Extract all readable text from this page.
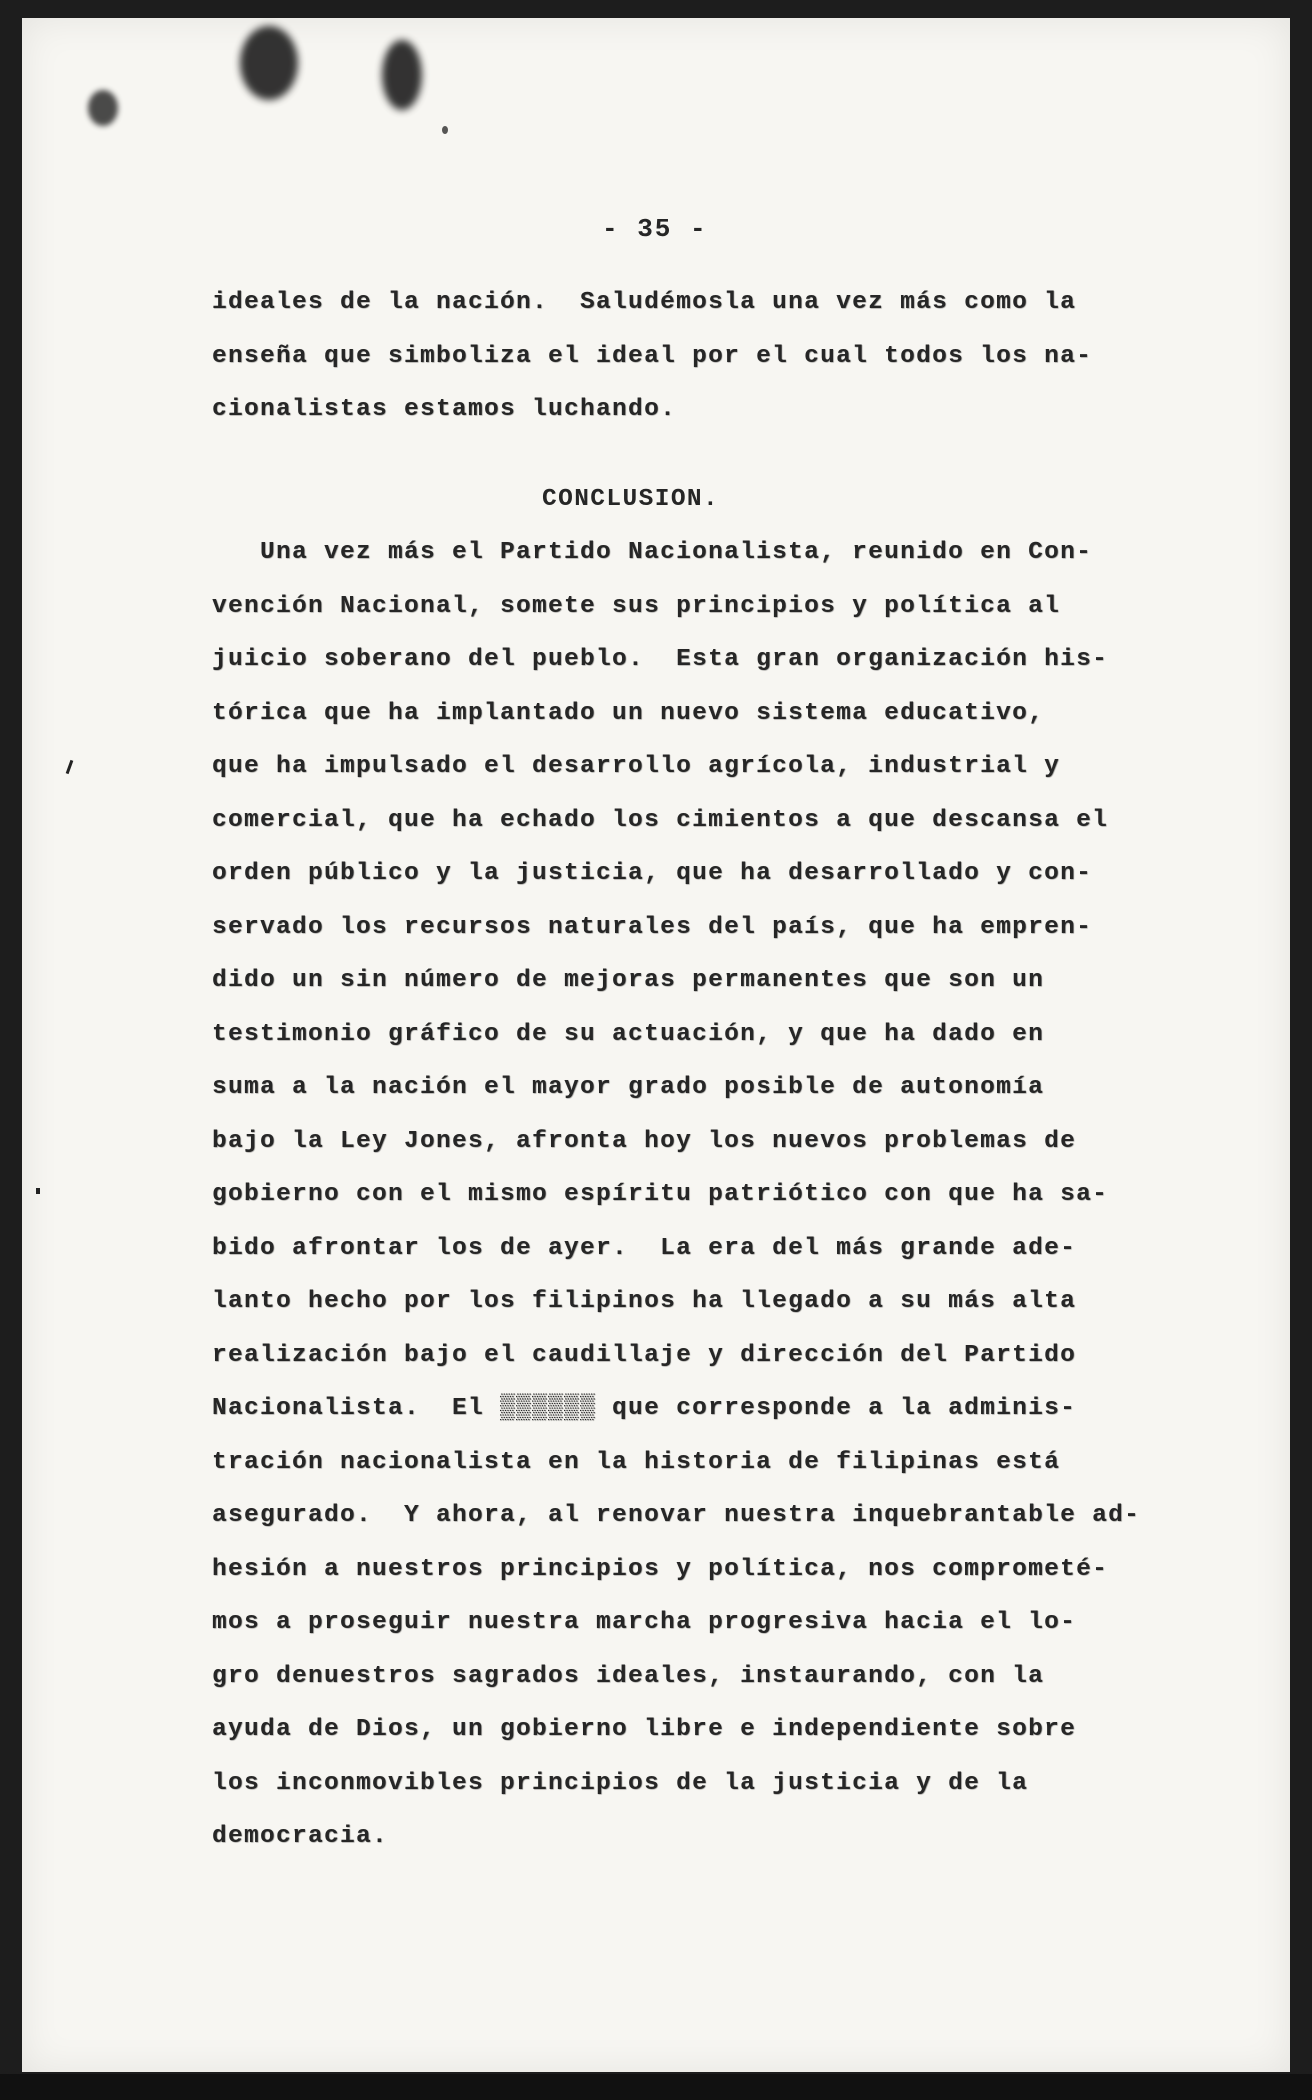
- 35 -
ideales de la nación.  Saludémosla una vez más como la
enseña que simboliza el ideal por el cual todos los na-
cionalistas estamos luchando.
CONCLUSION.
Una vez más el Partido Nacionalista, reunido en Con-
vención Nacional, somete sus principios y política al
juicio soberano del pueblo.  Esta gran organización his-
tórica que ha implantado un nuevo sistema educativo,
que ha impulsado el desarrollo agrícola, industrial y
comercial, que ha echado los cimientos a que descansa el
orden público y la justicia, que ha desarrollado y con-
servado los recursos naturales del país, que ha empren-
dido un sin número de mejoras permanentes que son un
testimonio gráfico de su actuación, y que ha dado en
suma a la nación el mayor grado posible de autonomía
bajo la Ley Jones, afronta hoy los nuevos problemas de
gobierno con el mismo espíritu patriótico con que ha sa-
bido afrontar los de ayer.  La era del más grande ade-
lanto hecho por los filipinos ha llegado a su más alta
realización bajo el caudillaje y dirección del Partido
Nacionalista.  El ▒▒▒▒▒▒ que corresponde a la adminis-
tración nacionalista en la historia de filipinas está
asegurado.  Y ahora, al renovar nuestra inquebrantable ad-
hesión a nuestros principios y política, nos comprometé-
mos a proseguir nuestra marcha progresiva hacia el lo-
gro denuestros sagrados ideales, instaurando, con la
ayuda de Dios, un gobierno libre e independiente sobre
los inconmovibles principios de la justicia y de la
democracia.
